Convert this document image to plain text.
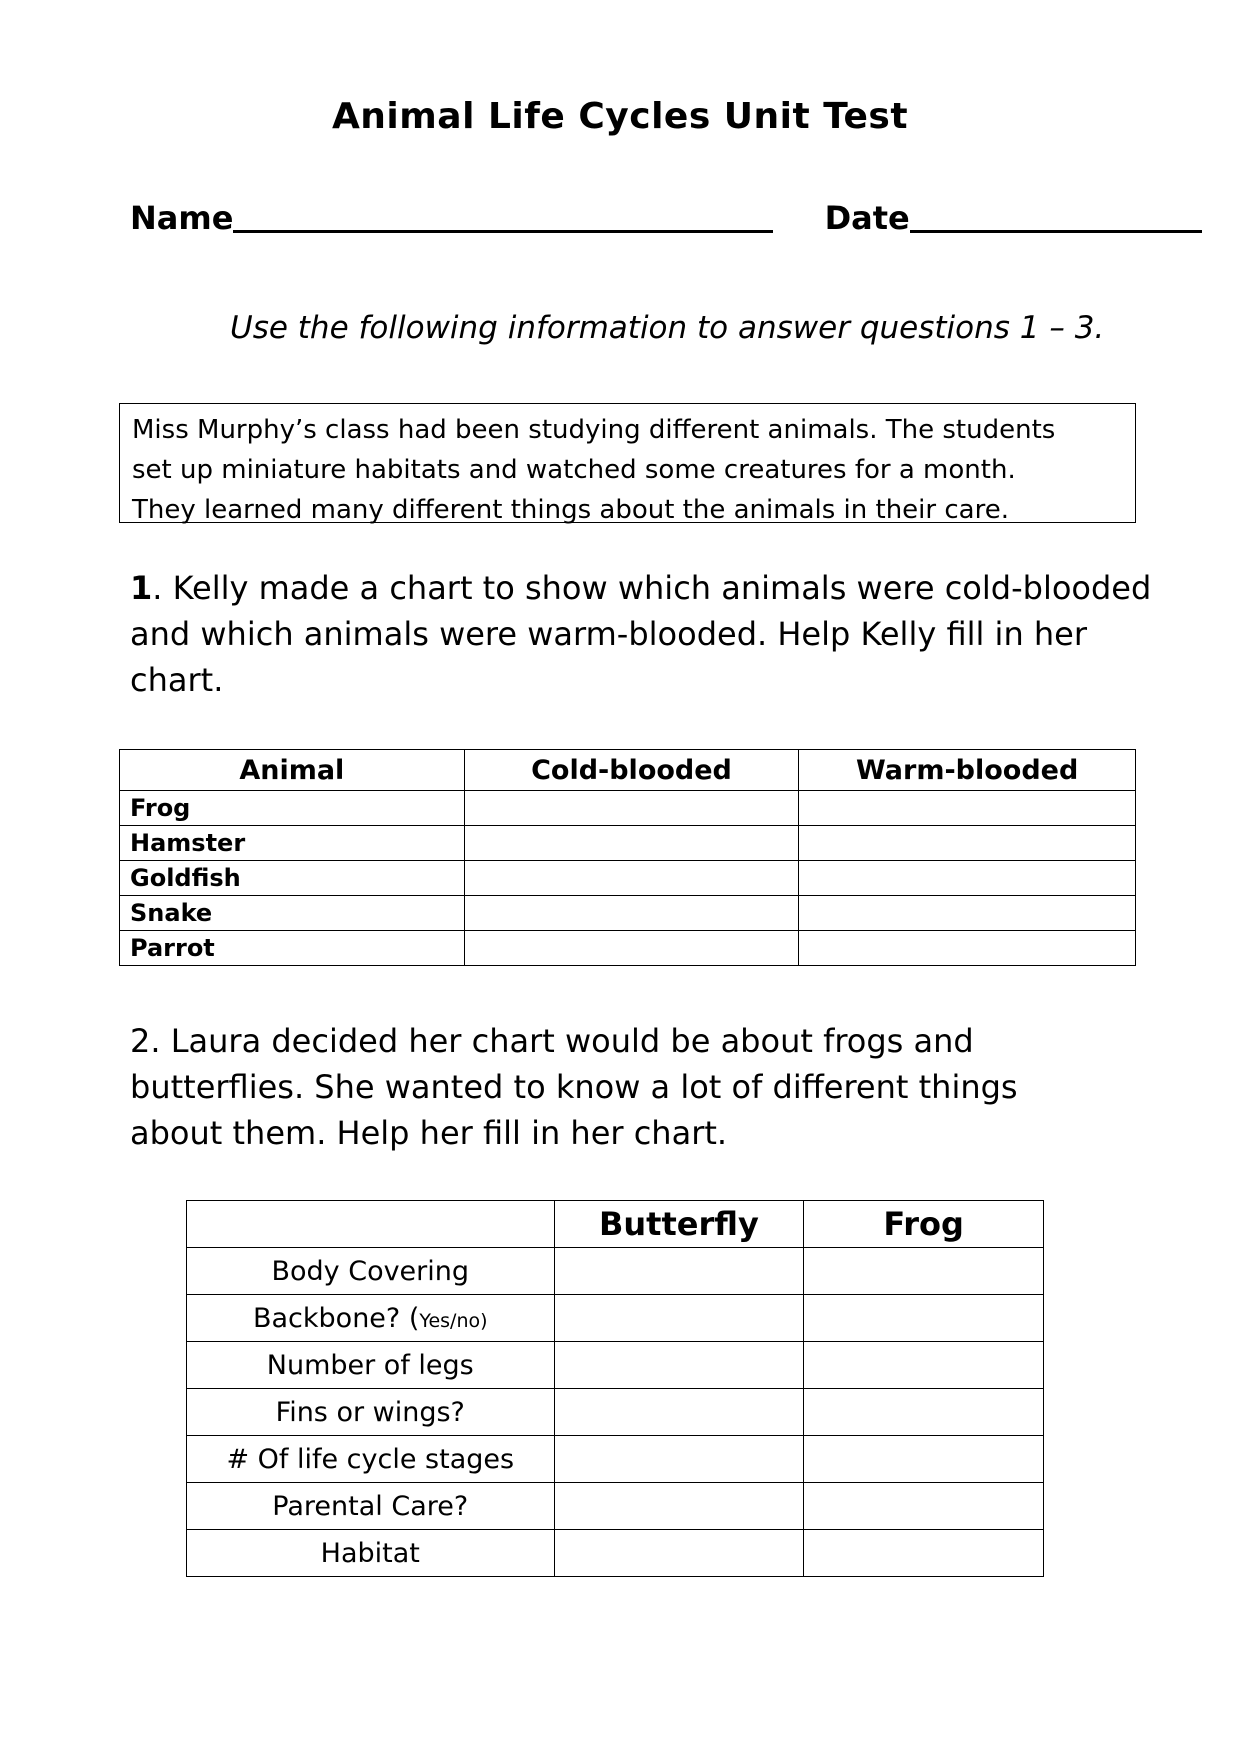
Animal Life Cycles Unit Test
Name	Date
Use the following information to answer questions 1 – 3.
Miss Murphy’s class had been studying different animals. The students
set up miniature habitats and watched some creatures for a month.
They learned many different things about the animals in their care.
1. Kelly made a chart to show which animals were cold-blooded
and which animals were warm-blooded. Help Kelly fill in her
chart.
Animal	Cold-blooded	Warm-blooded
Frog		
Hamster		
Goldfish		
Snake		
Parrot		
2. Laura decided her chart would be about frogs and
butterflies. She wanted to know a lot of different things
about them. Help her fill in her chart.
	Butterfly	Frog
Body Covering		
Backbone? (Yes/no)		
Number of legs		
Fins or wings?		
# Of life cycle stages		
Parental Care?		
Habitat		
